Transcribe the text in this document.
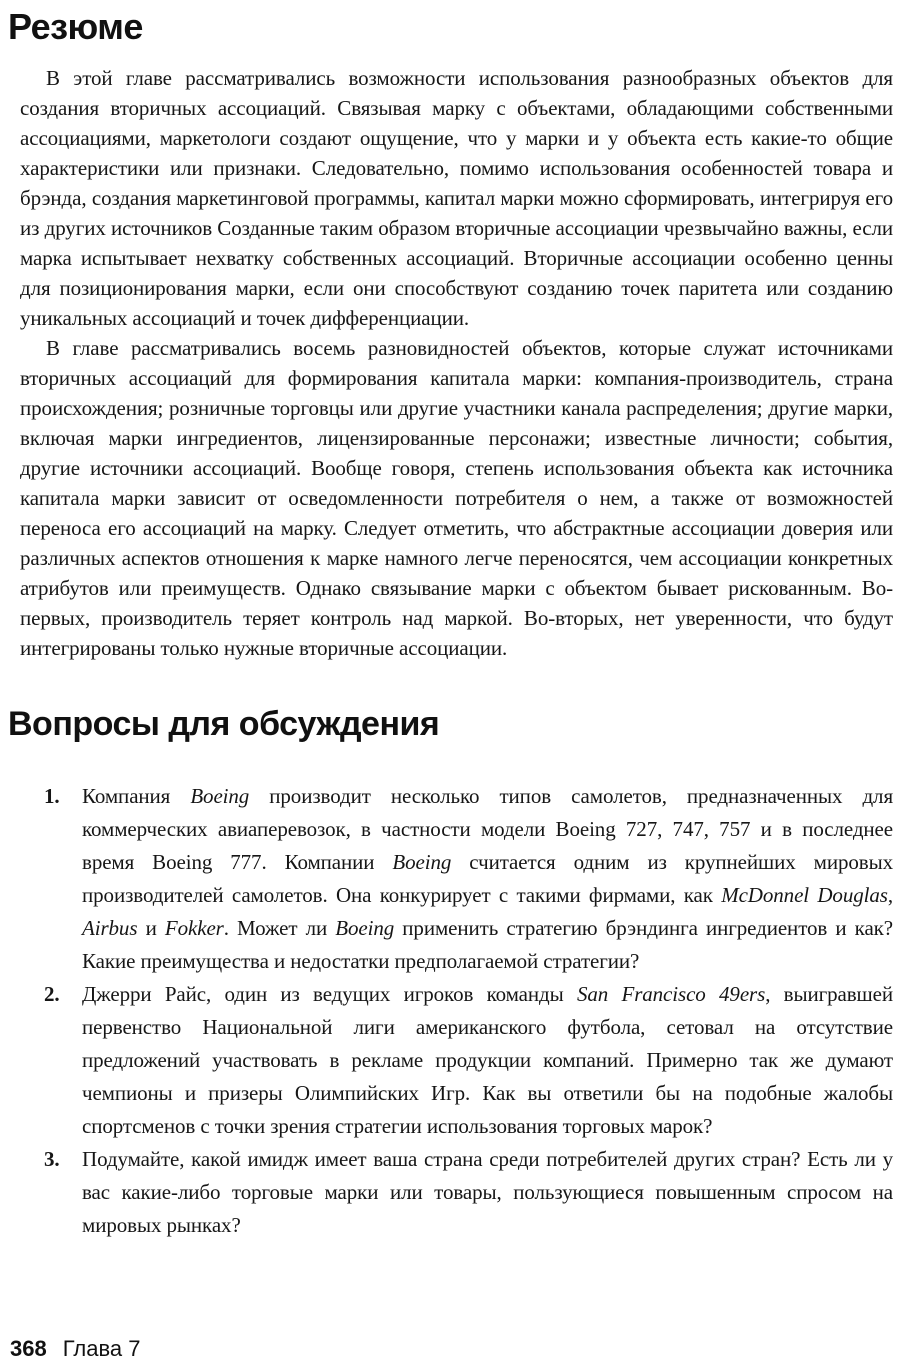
Резюме

В этой главе рассматривались возможности использования разнообразных объектов для создания вторичных ассоциаций. Связывая марку с объектами, обладающими собственными ассоциациями, маркетологи создают ощущение, что у марки и у объекта есть какие-то общие характеристики или признаки. Следовательно, помимо использования особенностей товара и брэнда, создания маркетинговой программы, капитал марки можно сформировать, интегрируя его из других источников Созданные таким образом вторичные ассоциации чрезвычайно важны, если марка испытывает нехватку собственных ассоциаций. Вторичные ассоциации особенно ценны для позиционирования марки, если они способствуют созданию точек паритета или созданию уникальных ассоциаций и точек дифференциации.

В главе рассматривались восемь разновидностей объектов, которые служат источниками вторичных ассоциаций для формирования капитала марки: компания-производитель, страна происхождения; розничные торговцы или другие участники канала распределения; другие марки, включая марки ингредиентов, лицензированные персонажи; известные личности; события, другие источники ассоциаций. Вообще говоря, степень использования объекта как источника капитала марки зависит от осведомленности потребителя о нем, а также от возможностей переноса его ассоциаций на марку. Следует отметить, что абстрактные ассоциации доверия или различных аспектов отношения к марке намного легче переносятся, чем ассоциации конкретных атрибутов или преимуществ. Однако связывание марки с объектом бывает рискованным. Во-первых, производитель теряет контроль над маркой. Во-вторых, нет уверенности, что будут интегрированы только нужные вторичные ассоциации.

Вопросы для обсуждения
1. Компания Boeing производит несколько типов самолетов, предназначенных для коммерческих авиаперевозок, в частности модели Boeing 727, 747, 757 и в последнее время Boeing 777. Компании Boeing считается одним из крупнейших мировых производителей самолетов. Она конкурирует с такими фирмами, как McDonnel Douglas, Airbus и Fokker. Может ли Boeing применить стратегию брэндинга ингредиентов и как? Какие преимущества и недостатки предполагаемой стратегии?
2. Джерри Райс, один из ведущих игроков команды San Francisco 49ers, выигравшей первенство Национальной лиги американского футбола, сетовал на отсутствие предложений участвовать в рекламе продукции компаний. Примерно так же думают чемпионы и призеры Олимпийских Игр. Как вы ответили бы на подобные жалобы спортсменов с точки зрения стратегии использования торговых марок?
3. Подумайте, какой имидж имеет ваша страна среди потребителей других стран? Есть ли у вас какие-либо торговые марки или товары, пользующиеся повышенным спросом на мировых рынках?
368 Глава 7
